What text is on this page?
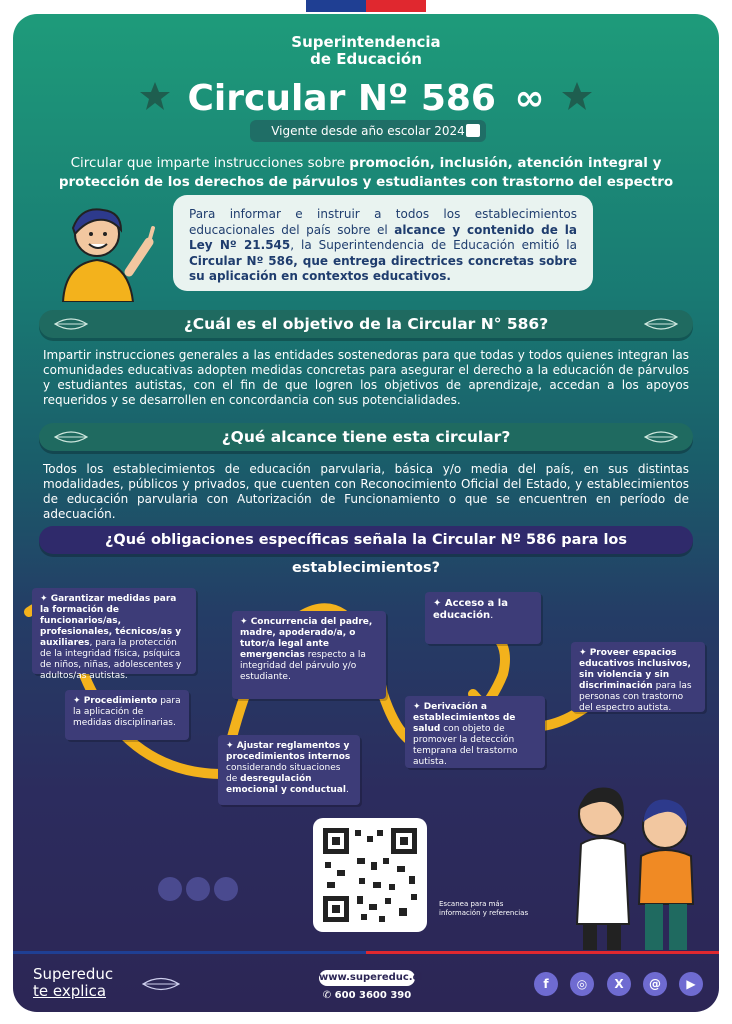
Superintendencia
de Educación
Circular Nº 586 ∞
Vigente desde año escolar 2024
Circular que imparte instrucciones sobre promoción, inclusión, atención integral y protección de los derechos de párvulos y estudiantes con trastorno del espectro
Para informar e instruir a todos los establecimientos educacionales del país sobre el alcance y contenido de la Ley Nº 21.545, la Superintendencia de Educación emitió la Circular Nº 586, que entrega directrices concretas sobre su aplicación en contextos educativos.
¿Cuál es el objetivo de la Circular N° 586?
Impartir instrucciones generales a las entidades sostenedoras para que todas y todos quienes integran las comunidades educativas adopten medidas concretas para asegurar el derecho a la educación de párvulos y estudiantes autistas, con el fin de que logren los objetivos de aprendizaje, accedan a los apoyos requeridos y se desarrollen en concordancia con sus potencialidades.
¿Qué alcance tiene esta circular?
Todos los establecimientos de educación parvularia, básica y/o media del país, en sus distintas modalidades, públicos y privados, que cuenten con Reconocimiento Oficial del Estado, y establecimientos de educación parvularia con Autorización de Funcionamiento o que se encuentren en período de adecuación.
¿Qué obligaciones específicas señala la Circular Nº 586 para los establecimientos?
✦ Garantizar medidas para la formación de funcionarios/as, profesionales, técnicos/as y auxiliares, para la protección de la integridad física, psíquica de niños, niñas, adolescentes y adultos/as autistas.
✦ Procedimiento para la aplicación de medidas disciplinarias.
✦ Concurrencia del padre, madre, apoderado/a, o tutor/a legal ante emergencias respecto a la integridad del párvulo y/o estudiante.
✦ Ajustar reglamentos y procedimientos internos considerando situaciones de desregulación emocional y conductual.
✦ Acceso a la educación.
✦ Derivación a establecimientos de salud con objeto de promover la detección temprana del trastorno autista.
✦ Proveer espacios educativos inclusivos, sin violencia y sin discriminación para las personas con trastorno del espectro autista.
Escanea para más información y referencias
Supereduc
te explica
www.supereduc.cl
✆ 600 3600 390
f	◎	X	@	▶
